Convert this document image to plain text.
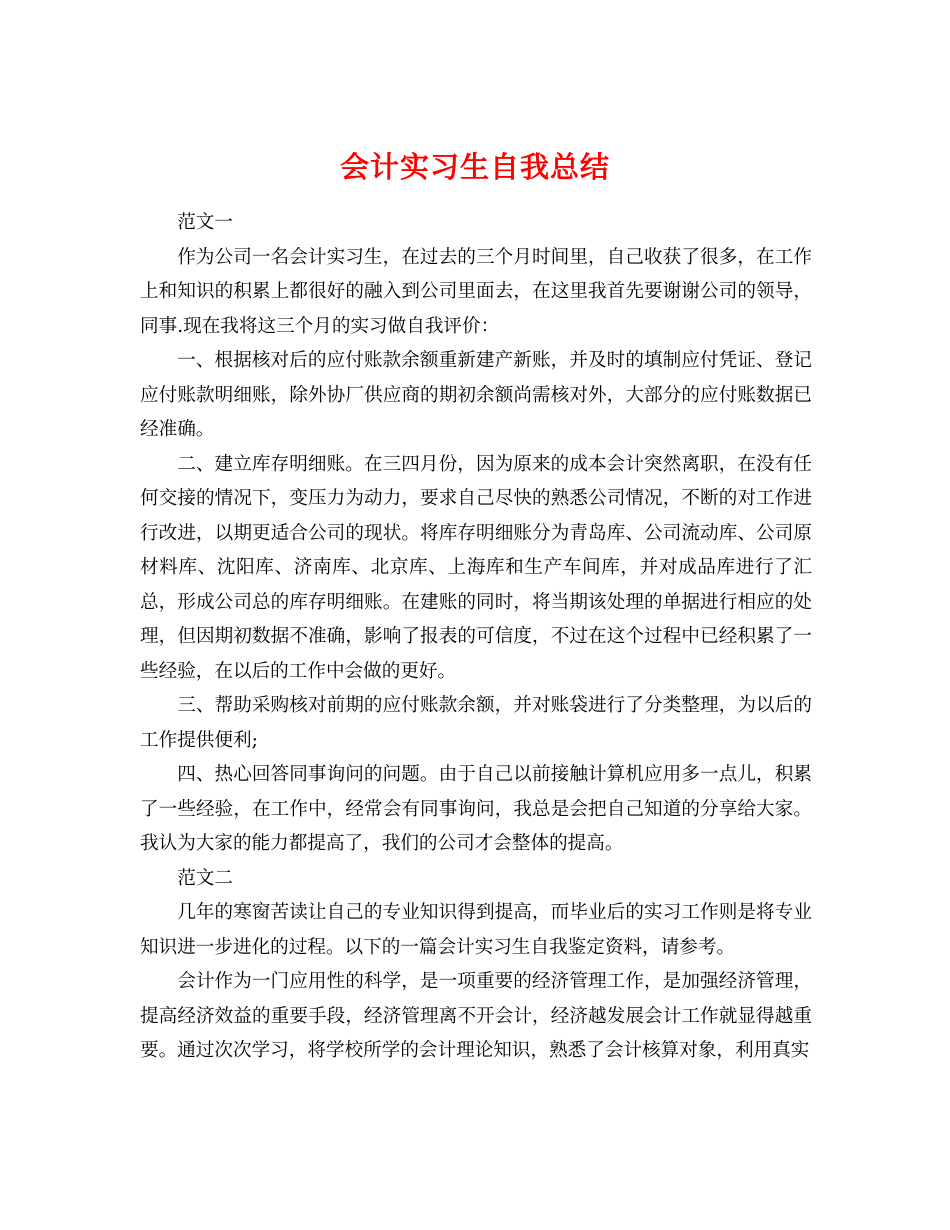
会计实习生自我总结

范文一

作为公司一名会计实习生，在过去的三个月时间里，自己收获了很多，在工作上和知识的积累上都很好的融入到公司里面去，在这里我首先要谢谢公司的领导，同事.现在我将这三个月的实习做自我评价：

一、根据核对后的应付账款余额重新建产新账，并及时的填制应付凭证、登记应付账款明细账，除外协厂供应商的期初余额尚需核对外，大部分的应付账数据已经准确。

二、建立库存明细账。在三四月份，因为原来的成本会计突然离职，在没有任何交接的情况下，变压力为动力，要求自己尽快的熟悉公司情况，不断的对工作进行改进，以期更适合公司的现状。将库存明细账分为青岛库、公司流动库、公司原材料库、沈阳库、济南库、北京库、上海库和生产车间库，并对成品库进行了汇总，形成公司总的库存明细账。在建账的同时，将当期该处理的单据进行相应的处理，但因期初数据不准确，影响了报表的可信度，不过在这个过程中已经积累了一些经验，在以后的工作中会做的更好。

三、帮助采购核对前期的应付账款余额，并对账袋进行了分类整理，为以后的工作提供便利;

四、热心回答同事询问的问题。由于自己以前接触计算机应用多一点儿，积累了一些经验，在工作中，经常会有同事询问，我总是会把自己知道的分享给大家。我认为大家的能力都提高了，我们的公司才会整体的提高。

范文二

几年的寒窗苦读让自己的专业知识得到提高，而毕业后的实习工作则是将专业知识进一步进化的过程。以下的一篇会计实习生自我鉴定资料，请参考。

会计作为一门应用性的科学，是一项重要的经济管理工作，是加强经济管理，提高经济效益的重要手段，经济管理离不开会计，经济越发展会计工作就显得越重要。通过次次学习，将学校所学的会计理论知识，熟悉了会计核算对象，利用真实
